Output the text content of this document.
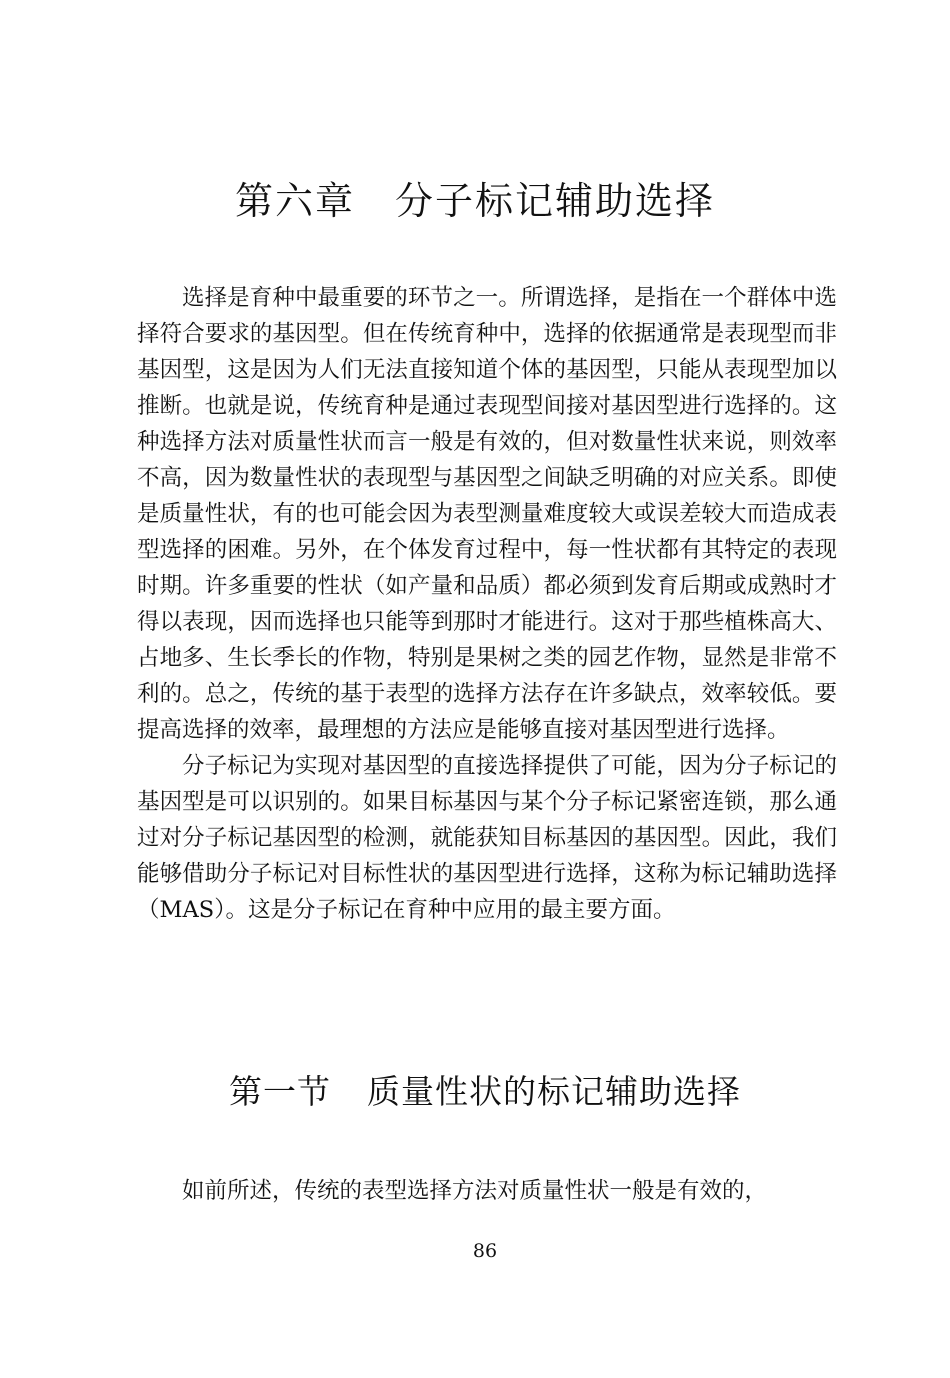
第六章 分子标记辅助选择

选择是育种中最重要的环节之一。所谓选择，是指在一个群体中选择符合要求的基因型。但在传统育种中，选择的依据通常是表现型而非基因型，这是因为人们无法直接知道个体的基因型，只能从表现型加以推断。也就是说，传统育种是通过表现型间接对基因型进行选择的。这种选择方法对质量性状而言一般是有效的，但对数量性状来说，则效率不高，因为数量性状的表现型与基因型之间缺乏明确的对应关系。即使是质量性状，有的也可能会因为表型测量难度较大或误差较大而造成表型选择的困难。另外，在个体发育过程中，每一性状都有其特定的表现时期。许多重要的性状（如产量和品质）都必须到发育后期或成熟时才得以表现，因而选择也只能等到那时才能进行。这对于那些植株高大、占地多、生长季长的作物，特别是果树之类的园艺作物，显然是非常不利的。总之，传统的基于表型的选择方法存在许多缺点，效率较低。要提高选择的效率，最理想的方法应是能够直接对基因型进行选择。

分子标记为实现对基因型的直接选择提供了可能，因为分子标记的基因型是可以识别的。如果目标基因与某个分子标记紧密连锁，那么通过对分子标记基因型的检测，就能获知目标基因的基因型。因此，我们能够借助分子标记对目标性状的基因型进行选择，这称为标记辅助选择（MAS）。这是分子标记在育种中应用的最主要方面。

第一节 质量性状的标记辅助选择

如前所述，传统的表型选择方法对质量性状一般是有效的，

86
